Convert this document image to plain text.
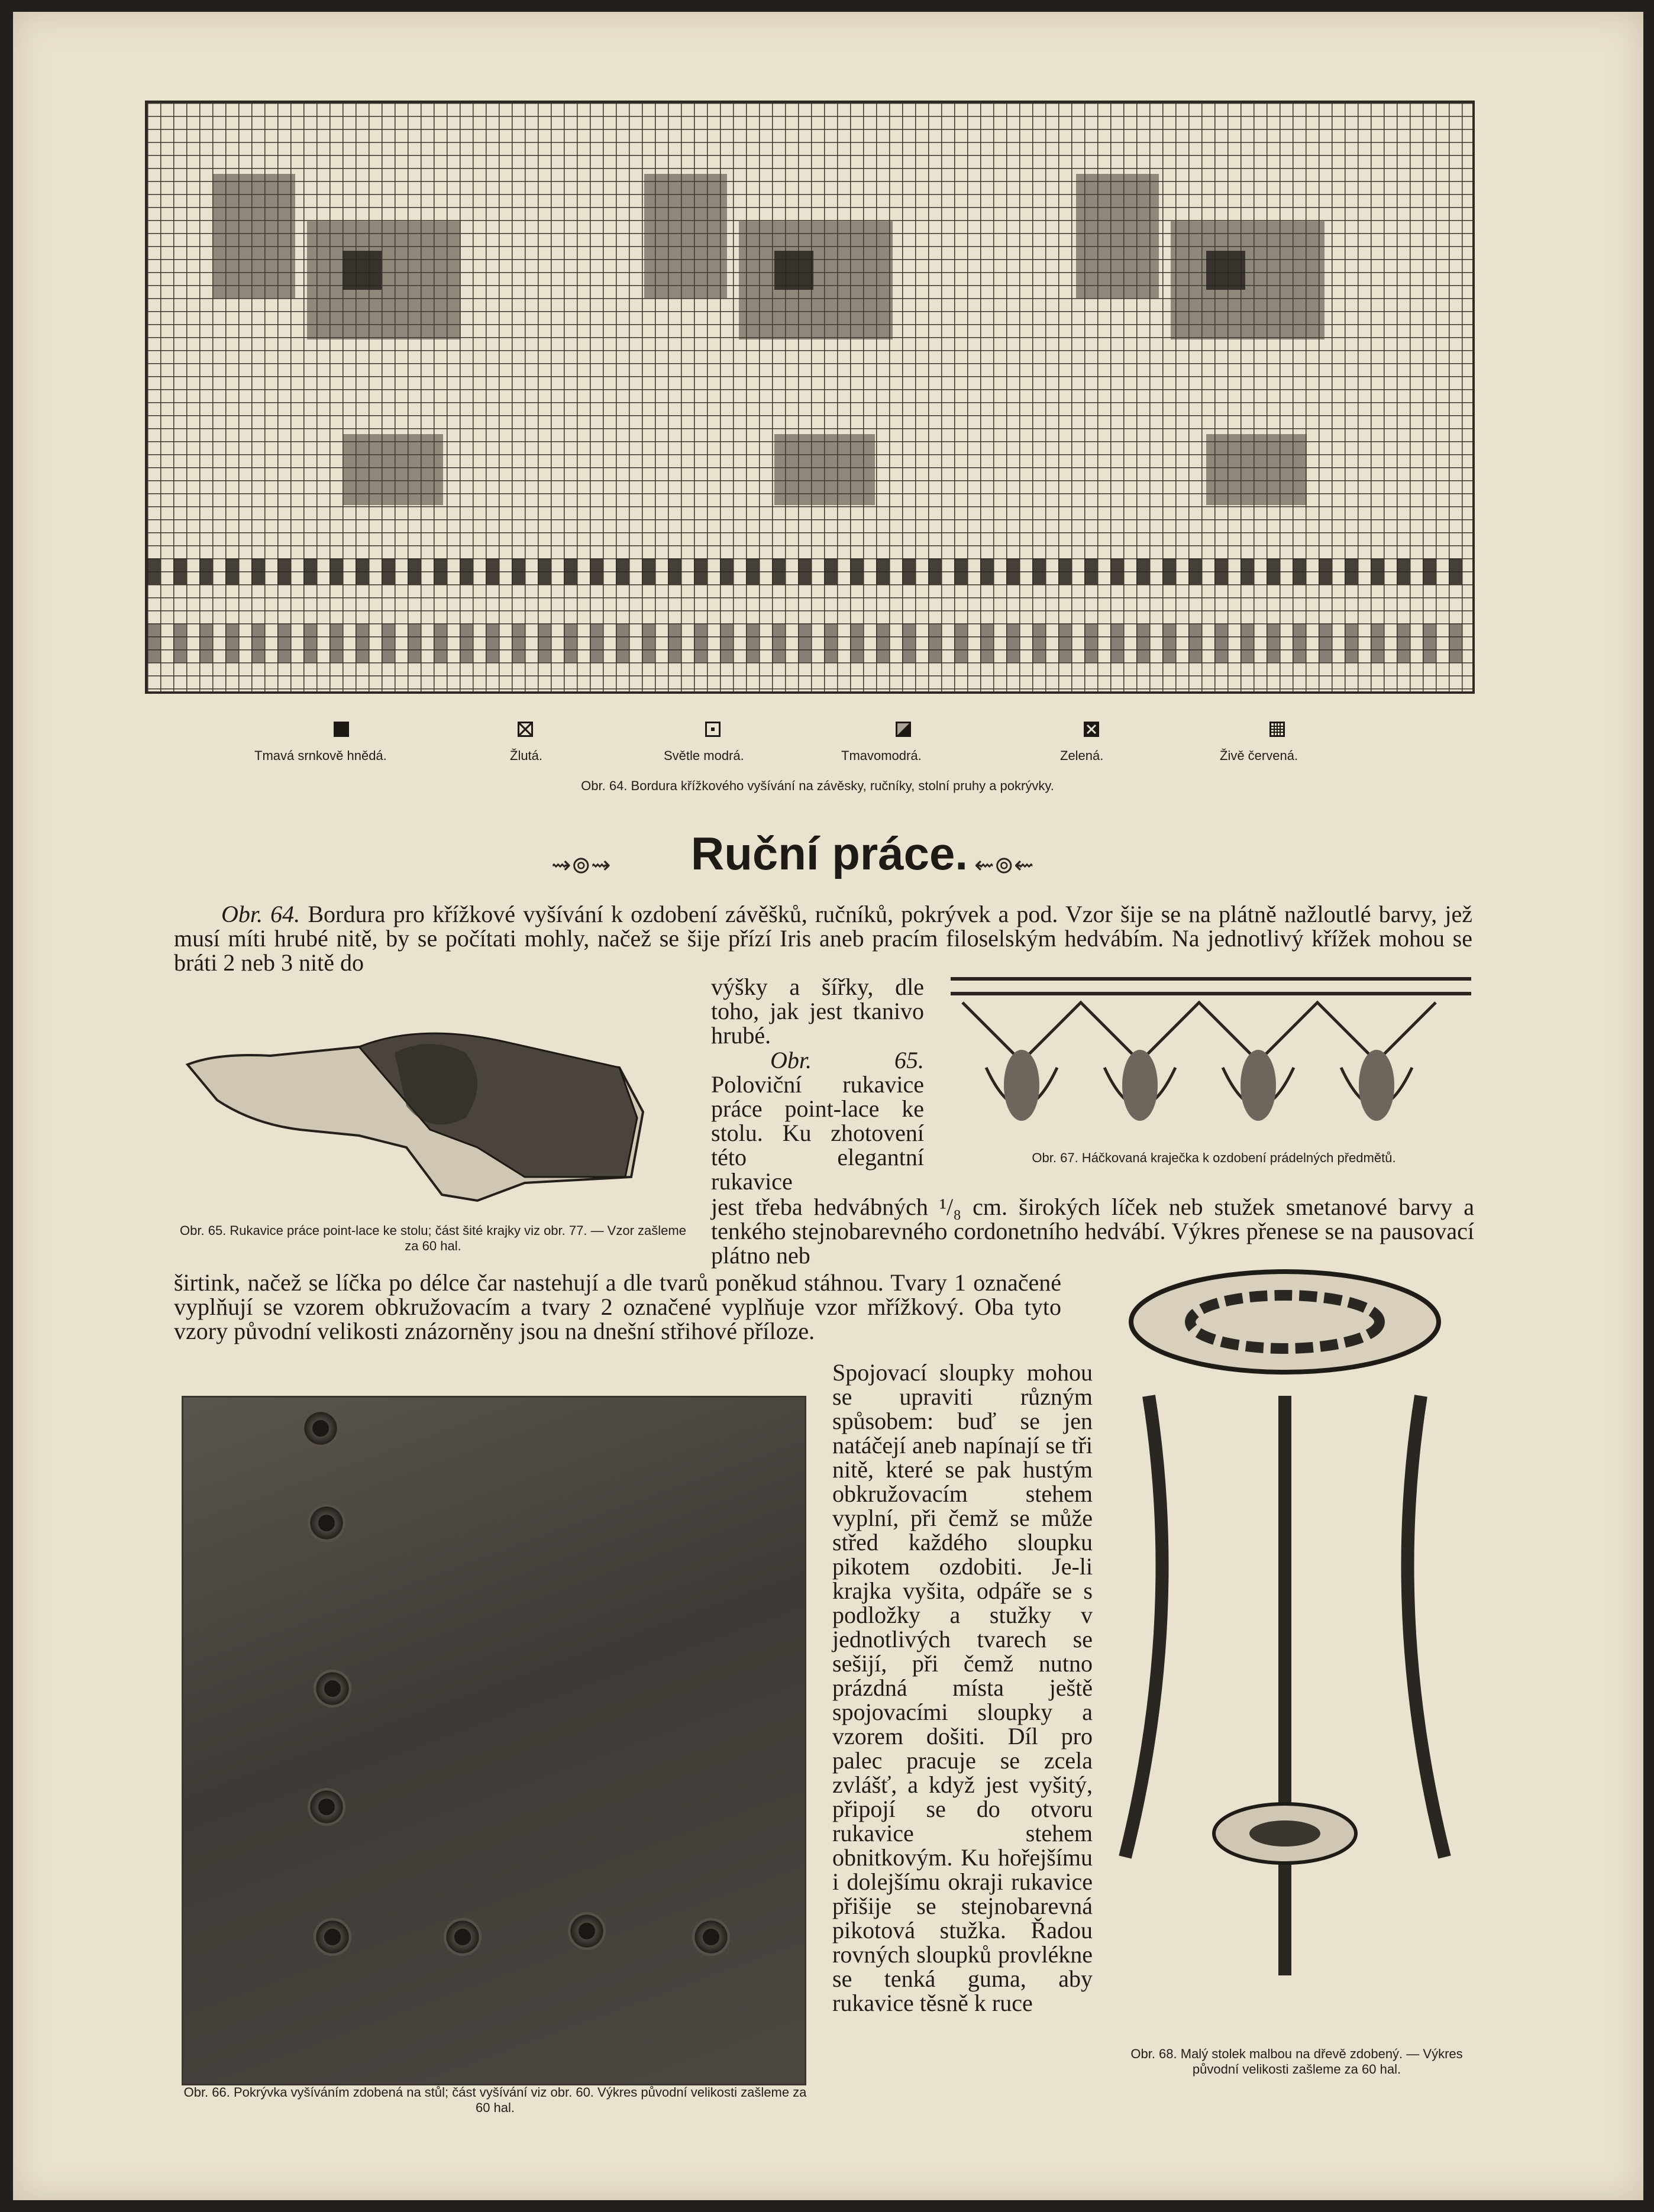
Tmavá srnkově hnědá.	Žlutá.	Světle modrá.	Tmavomodrá.	Zelená.	Živě červená.
Obr. 64. Bordura křížkového vyšívání na závěsky, ručníky, stolní pruhy a pokrývky.
⇝⊚⇝	Ruční práce. ⇜⊚⇜

Obr. 64. Bordura pro křížkové vyšívání k ozdobení závěšků, ručníků, pokrývek a pod. Vzor šije se na plátně nažloutlé barvy, jež musí míti hrubé nitě, by se počítati mohly, načež se šije přízí Iris aneb pracím filoselským hedvábím. Na jednotlivý křížek mohou se bráti 2 neb 3 nitě do

Obr. 65. Rukavice práce point-lace ke stolu; část šité krajky viz obr. 77. — Vzor zašleme za 60 hal.

výšky a šířky, dle toho, jak jest tkanivo hrubé.

Obr. 65. Poloviční rukavice práce point-lace ke stolu. Ku zhotovení této elegantní rukavice

Obr. 67. Háčkovaná kraječka k ozdobení prádelných předmětů.

jest třeba hedvábných ¹/₈ cm. širokých líček neb stužek smetanové barvy a tenkého stejnobarevného cordonetního hedvábí. Výkres přenese se na pausovací plátno neb

širtink, načež se líčka po délce čar nastehují a dle tvarů poněkud stáhnou. Tvary 1 označené vyplňují se vzorem obkružovacím a tvary 2 označené vyplňuje vzor mřížkový. Oba tyto vzory původní velikosti znázorněny jsou na dnešní střihové příloze.

Obr. 66. Pokrývka vyšíváním zdobená na stůl; část vyšívání viz obr. 60. Výkres původní velikosti zašleme za 60 hal.

Spojovací sloupky mohou se upraviti různým spůsobem: buď se jen natáčejí aneb napínají se tři nitě, které se pak hustým obkružovacím stehem vyplní, při čemž se může střed každého sloupku pikotem ozdobiti. Je-li krajka vyšita, odpáře se s podložky a stužky v jednotlivých tvarech se sešijí, při čemž nutno prázdná místa ještě spojovacími sloupky a vzorem došiti. Díl pro palec pracuje se zcela zvlášť, a když jest vyšitý, připojí se do otvoru rukavice stehem obnitkovým. Ku hořejšímu i dolejšímu okraji rukavice přišije se stejnobarevná pikotová stužka. Řadou rovných sloupků provlékne se tenká guma, aby rukavice těsně k ruce

Obr. 68. Malý stolek malbou na dřevě zdobený. — Výkres původní velikosti zašleme za 60 hal.
